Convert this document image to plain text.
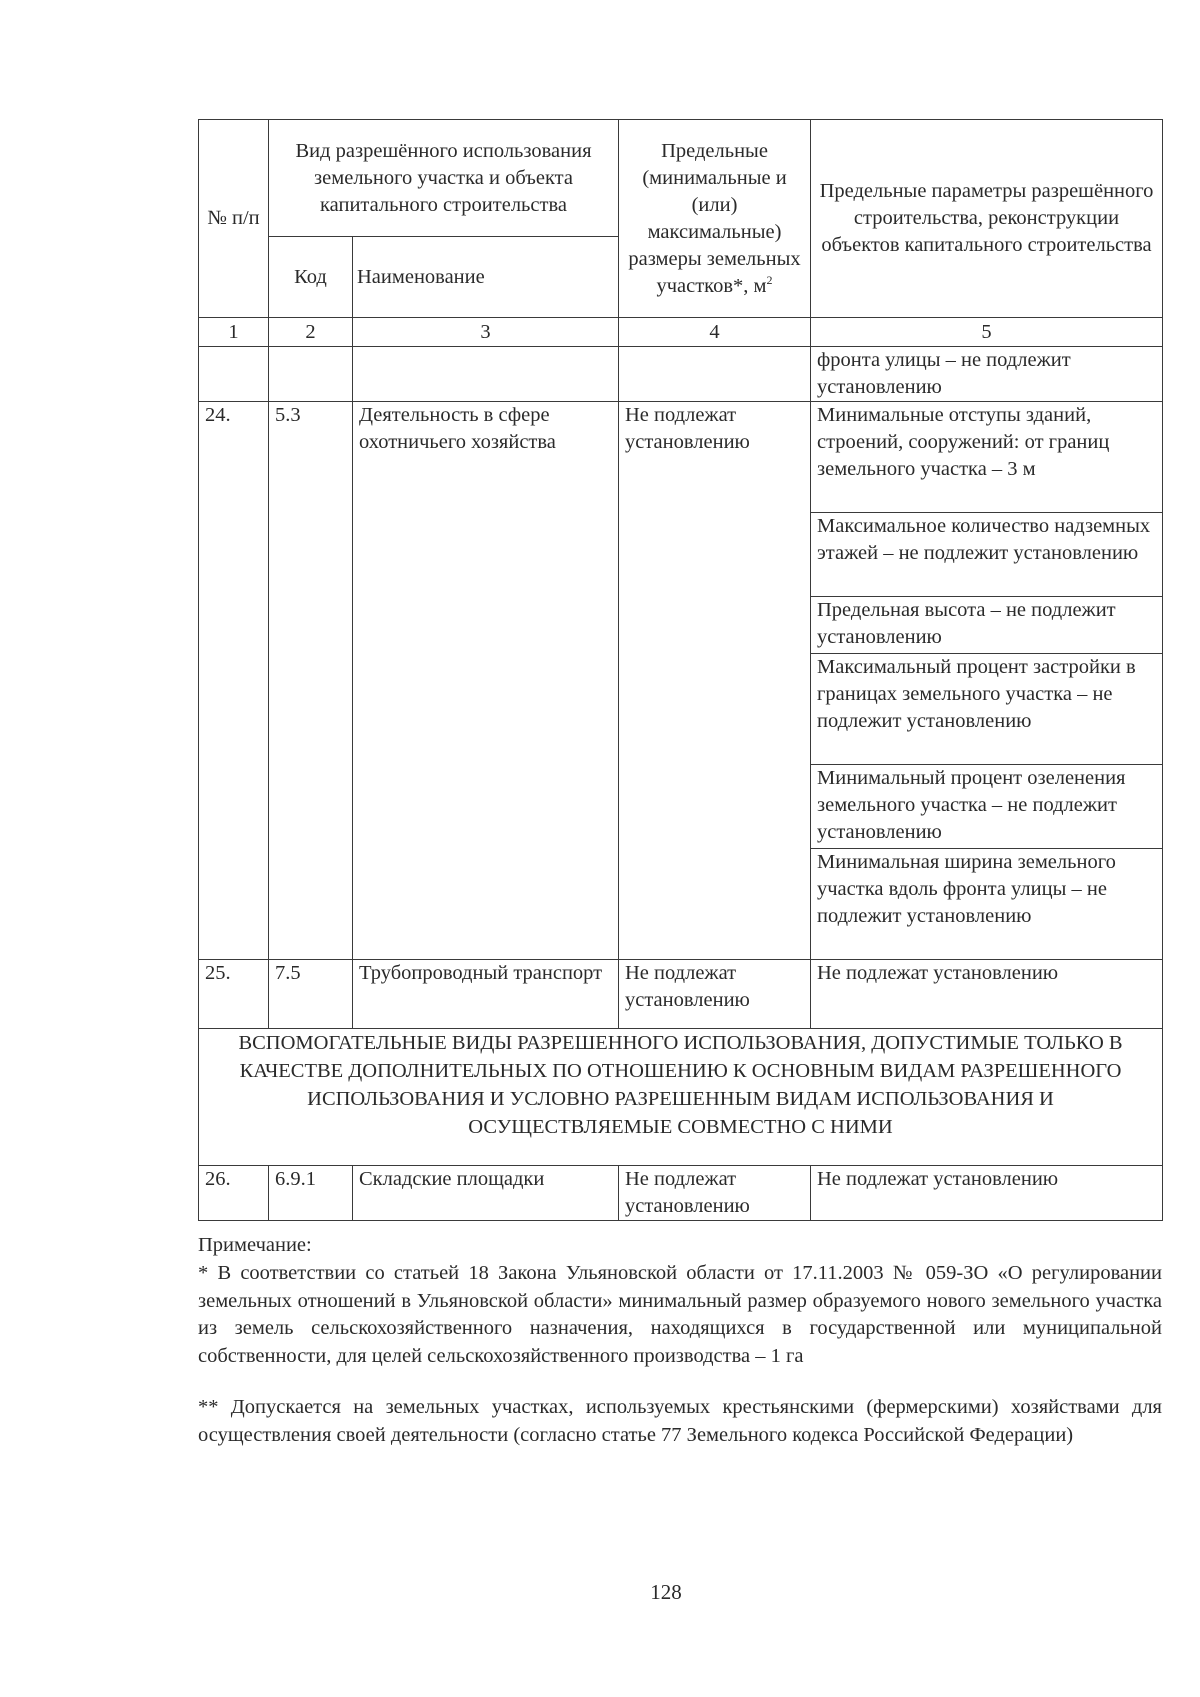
№ п/п	Вид разрешённого использования земельного участка и объекта капитального строительства		Предельные (минимальные и (или) максимальные) размеры земельных участков*, $м^2$	Предельные параметры разрешённого строительства, реконструкции объектов капитального строительства
	Код	Наименование		
1	2	3	4	5
				фронта улицы – не подлежит установлению
24.	5.3	Деятельность в сфере охотничьего хозяйства	Не подлежат установлению	Минимальные отступы зданий, строений, сооружений: от границ земельного участка – 3 м
				Максимальное количество надземных этажей – не подлежит установлению
				Предельная высота – не подлежит установлению
				Максимальный процент застройки в границах земельного участка – не подлежит установлению
				Минимальный процент озеленения земельного участка – не подлежит установлению
				Минимальная ширина земельного участка вдоль фронта улицы – не подлежит установлению
25.	7.5	Трубопроводный транспорт	Не подлежат установлению	Не подлежат установлению
ВСПОМОГАТЕЛЬНЫЕ ВИДЫ РАЗРЕШЕННОГО ИСПОЛЬЗОВАНИЯ, ДОПУСТИМЫЕ ТОЛЬКО В КАЧЕСТВЕ ДОПОЛНИТЕЛЬНЫХ ПО ОТНОШЕНИЮ К ОСНОВНЫМ ВИДАМ РАЗРЕШЕННОГО ИСПОЛЬЗОВАНИЯ И УСЛОВНО РАЗРЕШЕННЫМ ВИДАМ ИСПОЛЬЗОВАНИЯ И ОСУЩЕСТВЛЯЕМЫЕ СОВМЕСТНО С НИМИ				
26.	6.9.1	Складские площадки	Не подлежат установлению	Не подлежат установлению
Примечание:
* В соответствии со статьей 18 Закона Ульяновской области от 17.11.2003 № 059-ЗО «О регулировании земельных отношений в Ульяновской области» минимальный размер образуемого нового земельного участка из земель сельскохозяйственного назначения, находящихся в государственной или муниципальной собственности, для целей сельскохозяйственного производства – 1 га
** Допускается на земельных участках, используемых крестьянскими (фермерскими) хозяйствами для осуществления своей деятельности (согласно статье 77 Земельного кодекса Российской Федерации)
128
